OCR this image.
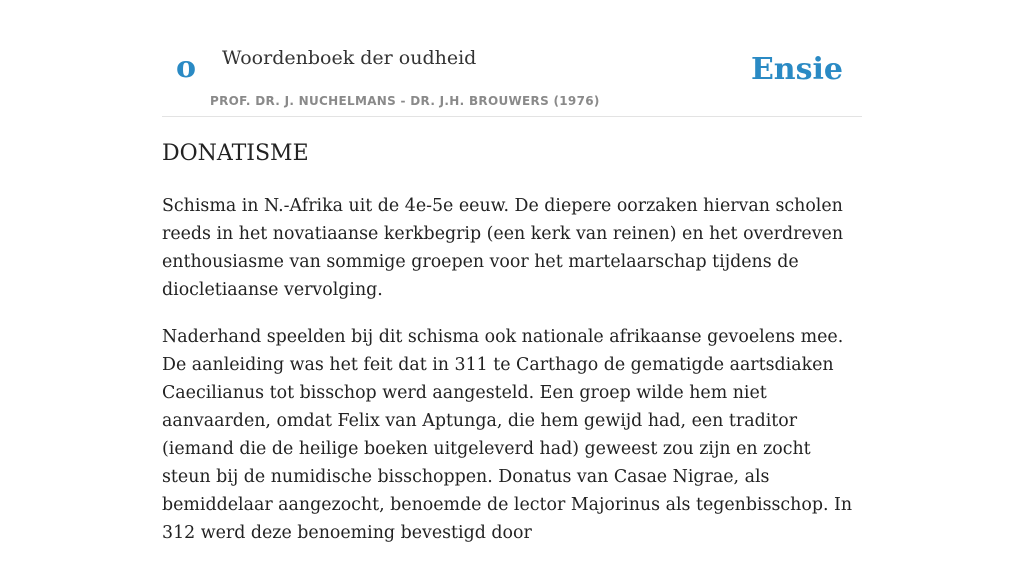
o Woordenboek der oudheid
PROF. DR. J. NUCHELMANS - DR. J.H. BROUWERS (1976)
Ensie
DONATISME

Schisma in N.-Afrika uit de 4e-5e eeuw. De diepere oorzaken hiervan scholen reeds in het novatiaanse kerkbegrip (een kerk van reinen) en het overdreven enthousiasme van sommige groepen voor het martelaarschap tijdens de diocletiaanse vervolging.

Naderhand speelden bij dit schisma ook nationale afrikaanse gevoelens mee. De aanleiding was het feit dat in 311 te Carthago de gematigde aartsdiaken Caecilianus tot bisschop werd aangesteld. Een groep wilde hem niet aanvaarden, omdat Felix van Aptunga, die hem gewijd had, een traditor (iemand die de heilige boeken uitgeleverd had) geweest zou zijn en zocht steun bij de numidische bisschoppen. Donatus van Casae Nigrae, als bemiddelaar aangezocht, benoemde de lector Majorinus als tegenbisschop. In 312 werd deze benoeming bevestigd door
